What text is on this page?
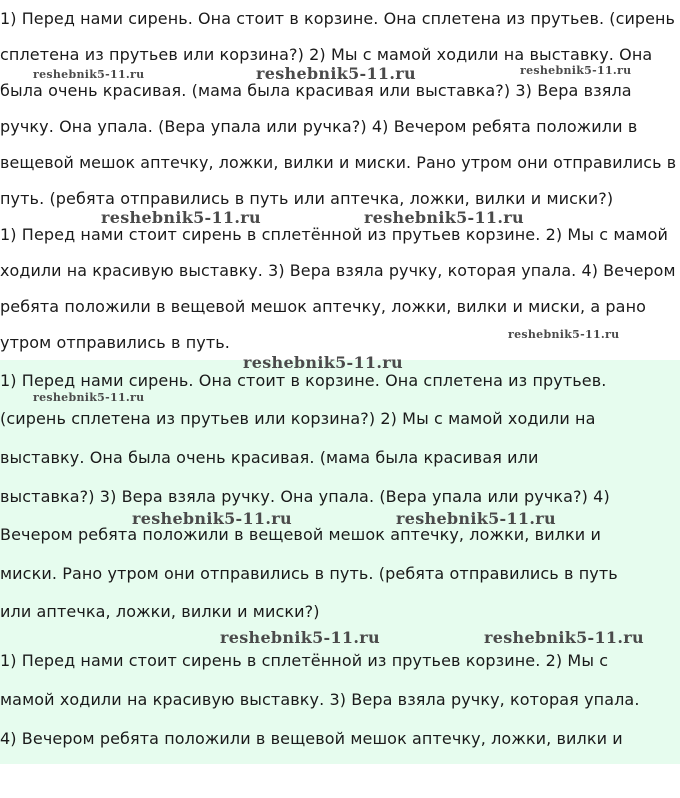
1) Перед нами сирень. Она стоит в корзине. Она сплетена из прутьев. (сирень
сплетена из прутьев или корзина?) 2) Мы с мамой ходили на выставку. Она
была очень красивая. (мама была красивая или выставка?) 3) Вера взяла
ручку. Она упала. (Вера упала или ручка?) 4) Вечером ребята положили в
вещевой мешок аптечку, ложки, вилки и миски. Рано утром они отправились в
путь. (ребята отправились в путь или аптечка, ложки, вилки и миски?)
1) Перед нами стоит сирень в сплетённой из прутьев корзине. 2) Мы с мамой
ходили на красивую выставку. 3) Вера взяла ручку, которая упала. 4) Вечером
ребята положили в вещевой мешок аптечку, ложки, вилки и миски, а рано
утром отправились в путь.
1) Перед нами сирень. Она стоит в корзине. Она сплетена из прутьев.
(сирень сплетена из прутьев или корзина?) 2) Мы с мамой ходили на
выставку. Она была очень красивая. (мама была красивая или
выставка?) 3) Вера взяла ручку. Она упала. (Вера упала или ручка?) 4)
Вечером ребята положили в вещевой мешок аптечку, ложки, вилки и
миски. Рано утром они отправились в путь. (ребята отправились в путь
или аптечка, ложки, вилки и миски?)
1) Перед нами стоит сирень в сплетённой из прутьев корзине. 2) Мы с
мамой ходили на красивую выставку. 3) Вера взяла ручку, которая упала.
4) Вечером ребята положили в вещевой мешок аптечку, ложки, вилки и
reshebnik5-11.ru	reshebnik5-11.ru	reshebnik5-11.ru
reshebnik5-11.ru	reshebnik5-11.ru
reshebnik5-11.ru
reshebnik5-11.ru
reshebnik5-11.ru
reshebnik5-11.ru	reshebnik5-11.ru
reshebnik5-11.ru	reshebnik5-11.ru
